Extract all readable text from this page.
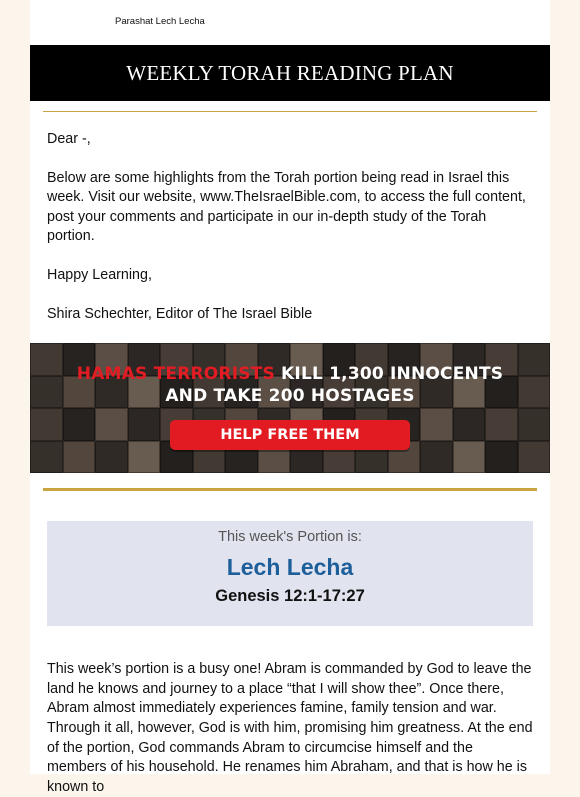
Parashat Lech Lecha
WEEKLY TORAH READING PLAN

Dear -,

Below are some highlights from the Torah portion being read in Israel this week. Visit our website, www.TheIsraelBible.com, to access the full content, post your comments and participate in our in-depth study of the Torah portion.

Happy Learning,

Shira Schechter, Editor of The Israel Bible

HAMAS TERRORISTS KILL 1,300 INNOCENTS
AND TAKE 200 HOSTAGES
HELP FREE THEM
This week's Portion is:
Lech Lecha
Genesis 12:1-17:27
This week’s portion is a busy one! Abram is commanded by God to leave the land he knows and journey to a place “that I will show thee”. Once there, Abram almost immediately experiences famine, family tension and war. Through it all, however, God is with him, promising him greatness. At the end of the portion, God commands Abram to circumcise himself and the members of his household. He renames him Abraham, and that is how he is known to
